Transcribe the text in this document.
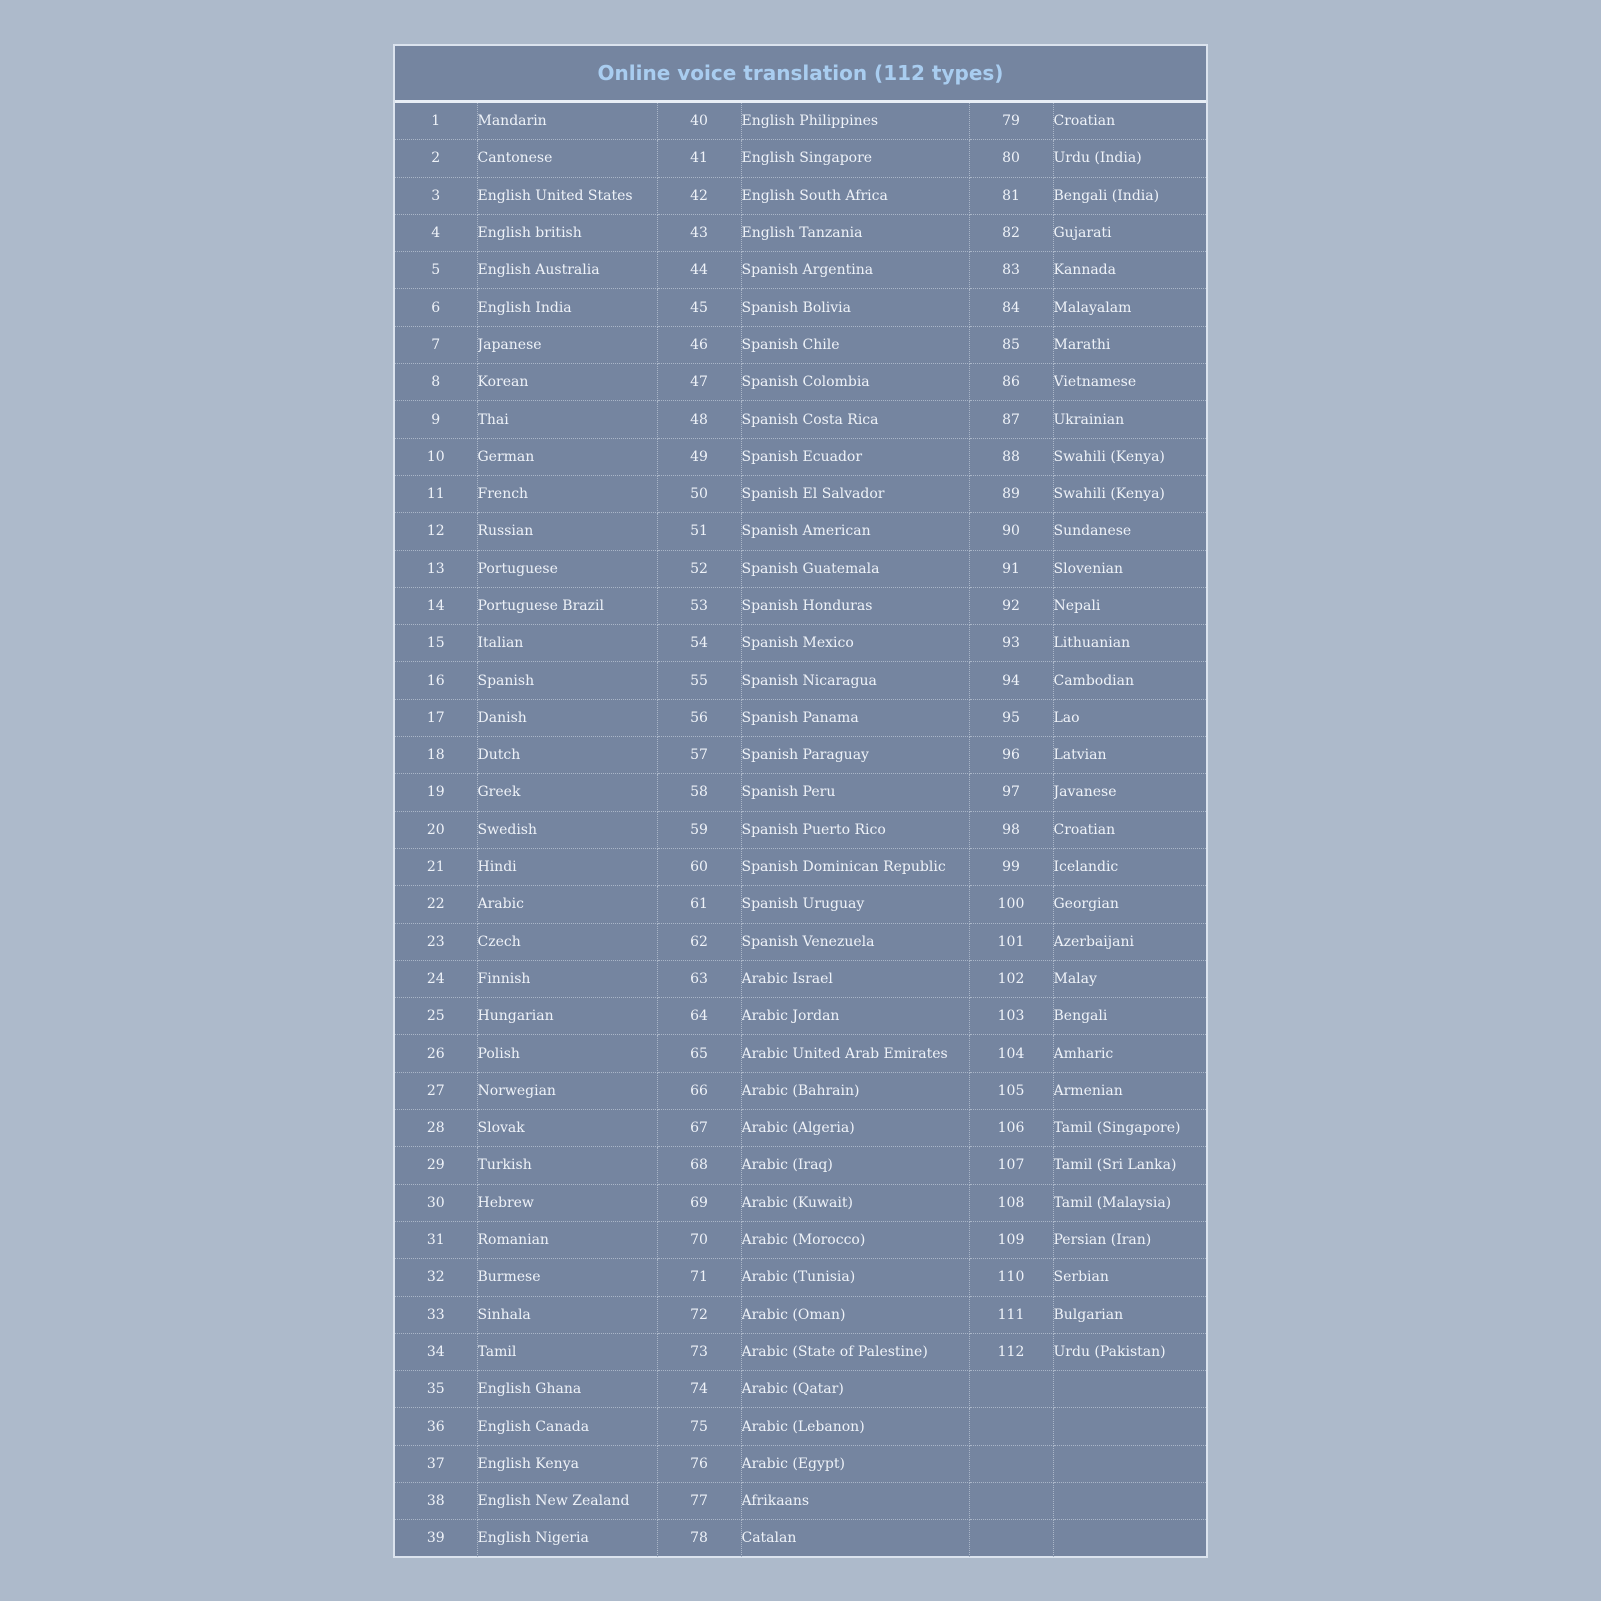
Online voice translation (112 types)
1	Mandarin	40	English Philippines	79	Croatian
2	Cantonese	41	English Singapore	80	Urdu (India)
3	English United States	42	English South Africa	81	Bengali (India)
4	English british	43	English Tanzania	82	Gujarati
5	English Australia	44	Spanish Argentina	83	Kannada
6	English India	45	Spanish Bolivia	84	Malayalam
7	Japanese	46	Spanish Chile	85	Marathi
8	Korean	47	Spanish Colombia	86	Vietnamese
9	Thai	48	Spanish Costa Rica	87	Ukrainian
10	German	49	Spanish Ecuador	88	Swahili (Kenya)
11	French	50	Spanish El Salvador	89	Swahili (Kenya)
12	Russian	51	Spanish American	90	Sundanese
13	Portuguese	52	Spanish Guatemala	91	Slovenian
14	Portuguese Brazil	53	Spanish Honduras	92	Nepali
15	Italian	54	Spanish Mexico	93	Lithuanian
16	Spanish	55	Spanish Nicaragua	94	Cambodian
17	Danish	56	Spanish Panama	95	Lao
18	Dutch	57	Spanish Paraguay	96	Latvian
19	Greek	58	Spanish Peru	97	Javanese
20	Swedish	59	Spanish Puerto Rico	98	Croatian
21	Hindi	60	Spanish Dominican Republic	99	Icelandic
22	Arabic	61	Spanish Uruguay	100	Georgian
23	Czech	62	Spanish Venezuela	101	Azerbaijani
24	Finnish	63	Arabic Israel	102	Malay
25	Hungarian	64	Arabic Jordan	103	Bengali
26	Polish	65	Arabic United Arab Emirates	104	Amharic
27	Norwegian	66	Arabic (Bahrain)	105	Armenian
28	Slovak	67	Arabic (Algeria)	106	Tamil (Singapore)
29	Turkish	68	Arabic (Iraq)	107	Tamil (Sri Lanka)
30	Hebrew	69	Arabic (Kuwait)	108	Tamil (Malaysia)
31	Romanian	70	Arabic (Morocco)	109	Persian (Iran)
32	Burmese	71	Arabic (Tunisia)	110	Serbian
33	Sinhala	72	Arabic (Oman)	111	Bulgarian
34	Tamil	73	Arabic (State of Palestine)	112	Urdu (Pakistan)
35	English Ghana	74	Arabic (Qatar)		
36	English Canada	75	Arabic (Lebanon)		
37	English Kenya	76	Arabic (Egypt)		
38	English New Zealand	77	Afrikaans		
39	English Nigeria	78	Catalan		
